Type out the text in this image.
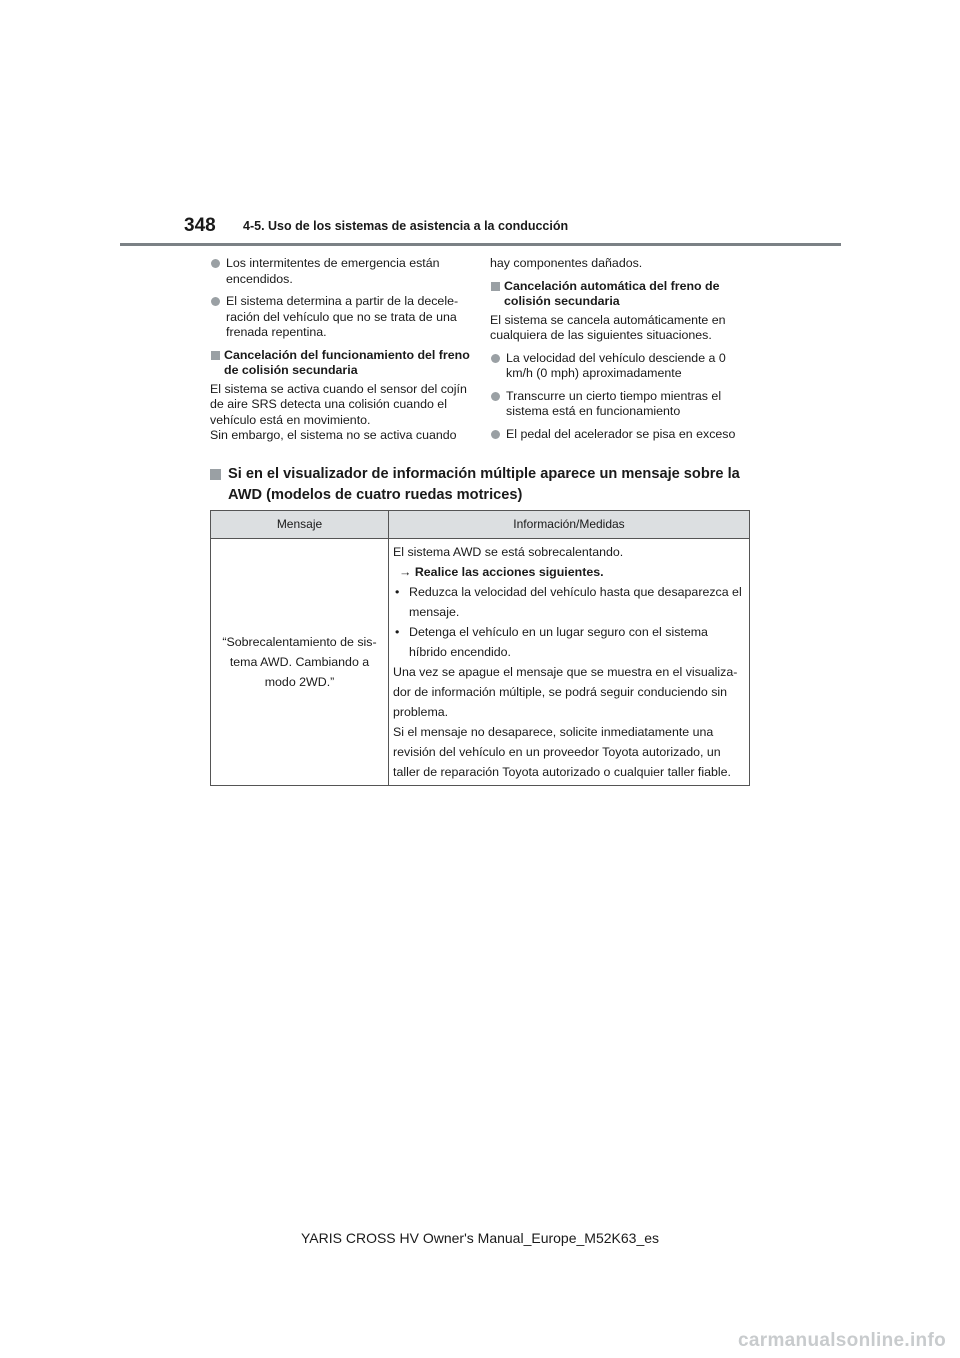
348 4-5. Uso de los sistemas de asistencia a la conducción
Los intermitentes de emergencia están encendidos.
El sistema determina a partir de la decele-ración del vehículo que no se trata de una frenada repentina.
Cancelación del funcionamiento del freno de colisión secundaria
El sistema se activa cuando el sensor del cojín de aire SRS detecta una colisión cuando el vehículo está en movimiento.
Sin embargo, el sistema no se activa cuando
hay componentes dañados.
Cancelación automática del freno de colisión secundaria
El sistema se cancela automáticamente en cualquiera de las siguientes situaciones.
La velocidad del vehículo desciende a 0 km/h (0 mph) aproximadamente
Transcurre un cierto tiempo mientras el sistema está en funcionamiento
El pedal del acelerador se pisa en exceso
Si en el visualizador de información múltiple aparece un mensaje sobre la AWD (modelos de cuatro ruedas motrices)
Mensaje	Información/Medidas
“Sobrecalentamiento de sis-tema AWD. Cambiando a modo 2WD.”
El sistema AWD se está sobrecalentando.
→ Realice las acciones siguientes.
• Reduzca la velocidad del vehículo hasta que desaparezca el mensaje.
• Detenga el vehículo en un lugar seguro con el sistema híbrido encendido.
Una vez se apague el mensaje que se muestra en el visualiza-dor de información múltiple, se podrá seguir conduciendo sin problema.
Si el mensaje no desaparece, solicite inmediatamente una revisión del vehículo en un proveedor Toyota autorizado, un taller de reparación Toyota autorizado o cualquier taller fiable.
YARIS CROSS HV Owner's Manual_Europe_M52K63_es
carmanualsonline.info
